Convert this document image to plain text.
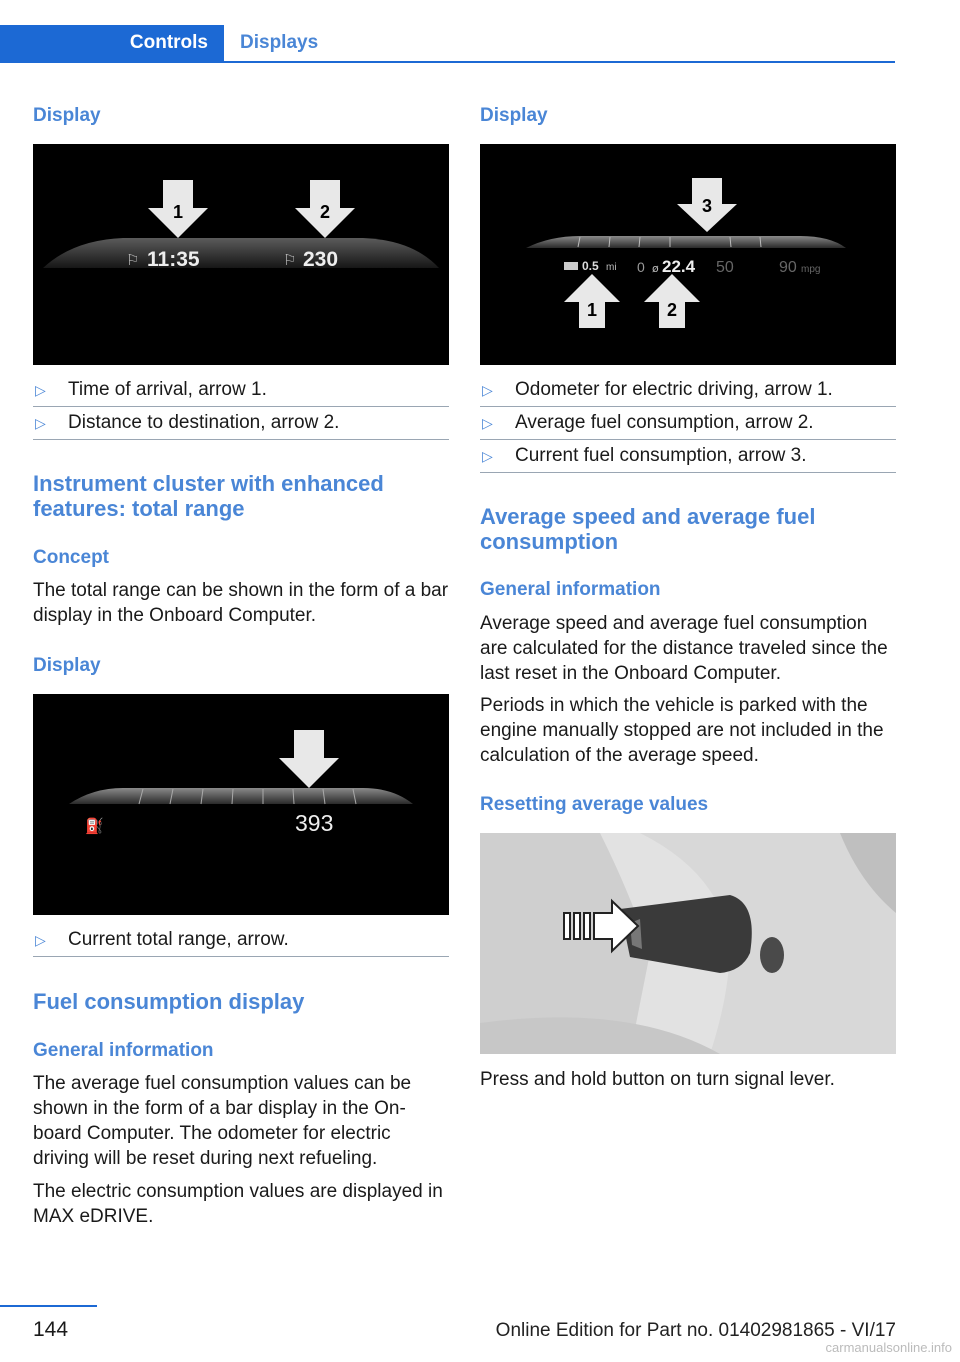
Controls	Displays
Display
1	2
⚐ 11:35	⚐ 230
▷	Time of arrival, arrow 1.
▷	Distance to destination, arrow 2.
Instrument cluster with enhanced features: total range
Concept
The total range can be shown in the form of a bar display in the Onboard Computer.
Display
⛽	393
▷	Current total range, arrow.
Fuel consumption display
General information
The average fuel consumption values can be shown in the form of a bar display in the On‐board Computer. The odometer for electric driving will be reset during next refueling.
The electric consumption values are displayed in MAX eDRIVE.
Display
3
0.5 mi 0 ø 22.4 50	90 mpg
1	2
▷	Odometer for electric driving, arrow 1.
▷	Average fuel consumption, arrow 2.
▷	Current fuel consumption, arrow 3.
Average speed and average fuel consumption
General information
Average speed and average fuel consumption are calculated for the distance traveled since the last reset in the Onboard Computer.
Periods in which the vehicle is parked with the engine manually stopped are not included in the calculation of the average speed.
Resetting average values
Press and hold button on turn signal lever.
144	Online Edition for Part no. 01402981865 - VI/17
carmanualsonline.info
